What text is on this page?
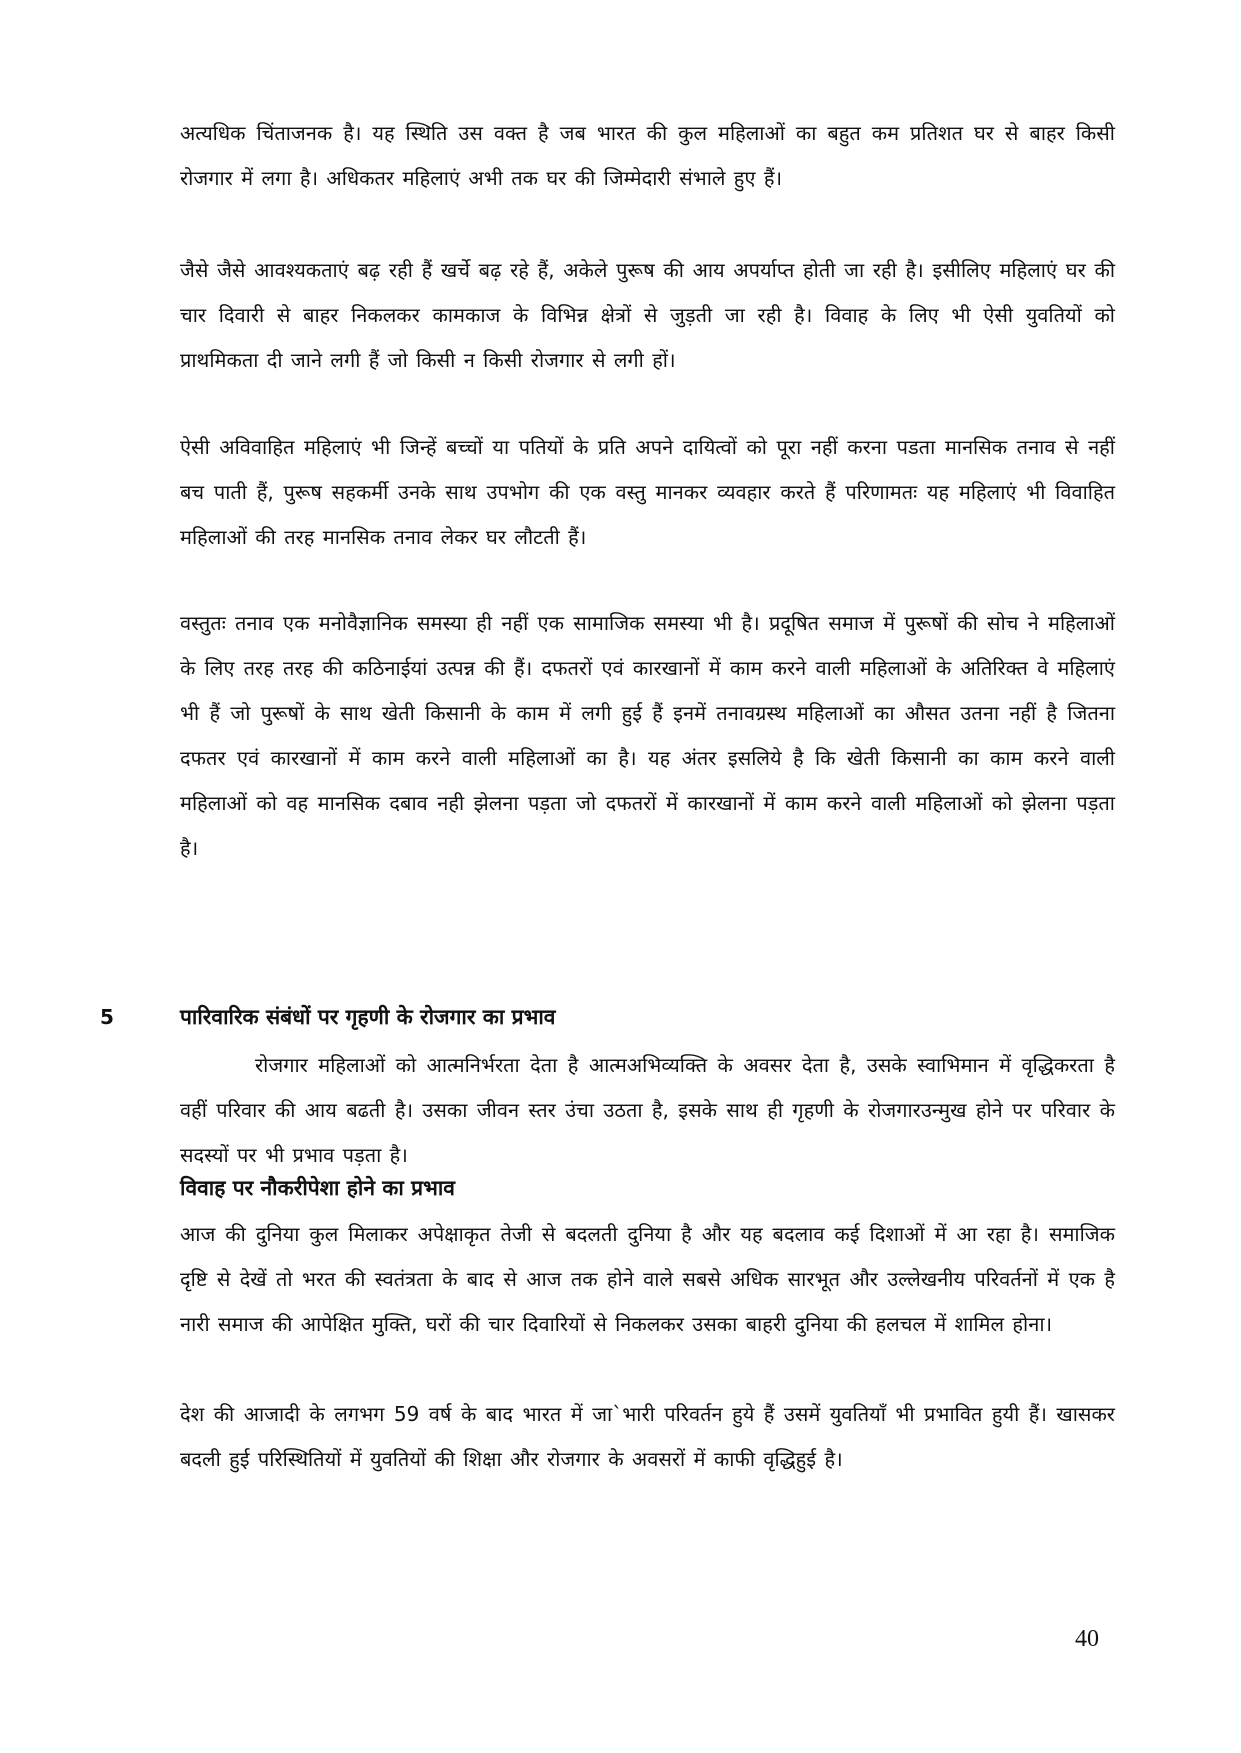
अत्यधिक चिंताजनक है। यह स्थिति उस वक्त है जब भारत की कुल महिलाओं का बहुत कम प्रतिशत घर से बाहर किसी रोजगार में लगा है। अधिकतर महिलाएं अभी तक घर की जिम्मेदारी संभाले हुए हैं।

जैसे जैसे आवश्यकताएं बढ़ रही हैं खर्चे बढ़ रहे हैं, अकेले पुरूष की आय अपर्याप्त होती जा रही है। इसीलिए महिलाएं घर की चार दिवारी से बाहर निकलकर कामकाज के विभिन्न क्षेत्रों से जुड़ती जा रही है। विवाह के लिए भी ऐसी युवतियों को प्राथमिकता दी जाने लगी हैं जो किसी न किसी रोजगार से लगी हों।

ऐसी अविवाहित महिलाएं भी जिन्हें बच्चों या पतियों के प्रति अपने दायित्वों को पूरा नहीं करना पडता मानसिक तनाव से नहीं बच पाती हैं, पुरूष सहकर्मी उनके साथ उपभोग की एक वस्तु मानकर व्यवहार करते हैं परिणामतः यह महिलाएं भी विवाहित महिलाओं की तरह मानसिक तनाव लेकर घर लौटती हैं।

वस्तुतः तनाव एक मनोवैज्ञानिक समस्या ही नहीं एक सामाजिक समस्या भी है। प्रदूषित समाज में पुरूषों की सोच ने महिलाओं के लिए तरह तरह की कठिनाईयां उत्पन्न की हैं। दफतरों एवं कारखानों में काम करने वाली महिलाओं के अतिरिक्त वे महिलाएं भी हैं जो पुरूषों के साथ खेती किसानी के काम में लगी हुई हैं इनमें तनावग्रस्थ महिलाओं का औसत उतना नहीं है जितना दफतर एवं कारखानों में काम करने वाली महिलाओं का है। यह अंतर इसलिये है कि खेती किसानी का काम करने वाली महिलाओं को वह मानसिक दबाव नही झेलना पड़ता जो दफतरों में कारखानों में काम करने वाली महिलाओं को झेलना पड़ता है।

5	पारिवारिक संबंधों पर गृहणी के रोजगार का प्रभाव

रोजगार महिलाओं को आत्मनिर्भरता देता है आत्मअभिव्यक्ति के अवसर देता है, उसके स्वाभिमान में वृद्धिकरता है वहीं परिवार की आय बढती है। उसका जीवन स्तर उंचा उठता है, इसके साथ ही गृहणी के रोजगारउन्मुख होने पर परिवार के सदस्यों पर भी प्रभाव पड़ता है।

विवाह पर नौकरीपेशा होने का प्रभाव

आज की दुनिया कुल मिलाकर अपेक्षाकृत तेजी से बदलती दुनिया है और यह बदलाव कई दिशाओं में आ रहा है। समाजिक दृष्टि से देखें तो भरत की स्वतंत्रता के बाद से आज तक होने वाले सबसे अधिक सारभूत और उल्लेखनीय परिवर्तनों में एक है नारी समाज की आपेक्षित मुक्ति, घरों की चार दिवारियों से निकलकर उसका बाहरी दुनिया की हलचल में शामिल होना।

देश की आजादी के लगभग 59 वर्ष के बाद भारत में जा`भारी परिवर्तन हुये हैं उसमें युवतियाँ भी प्रभावित हुयी हैं। खासकर बदली हुई परिस्थितियों में युवतियों की शिक्षा और रोजगार के अवसरों में काफी वृद्धिहुई है।

40
